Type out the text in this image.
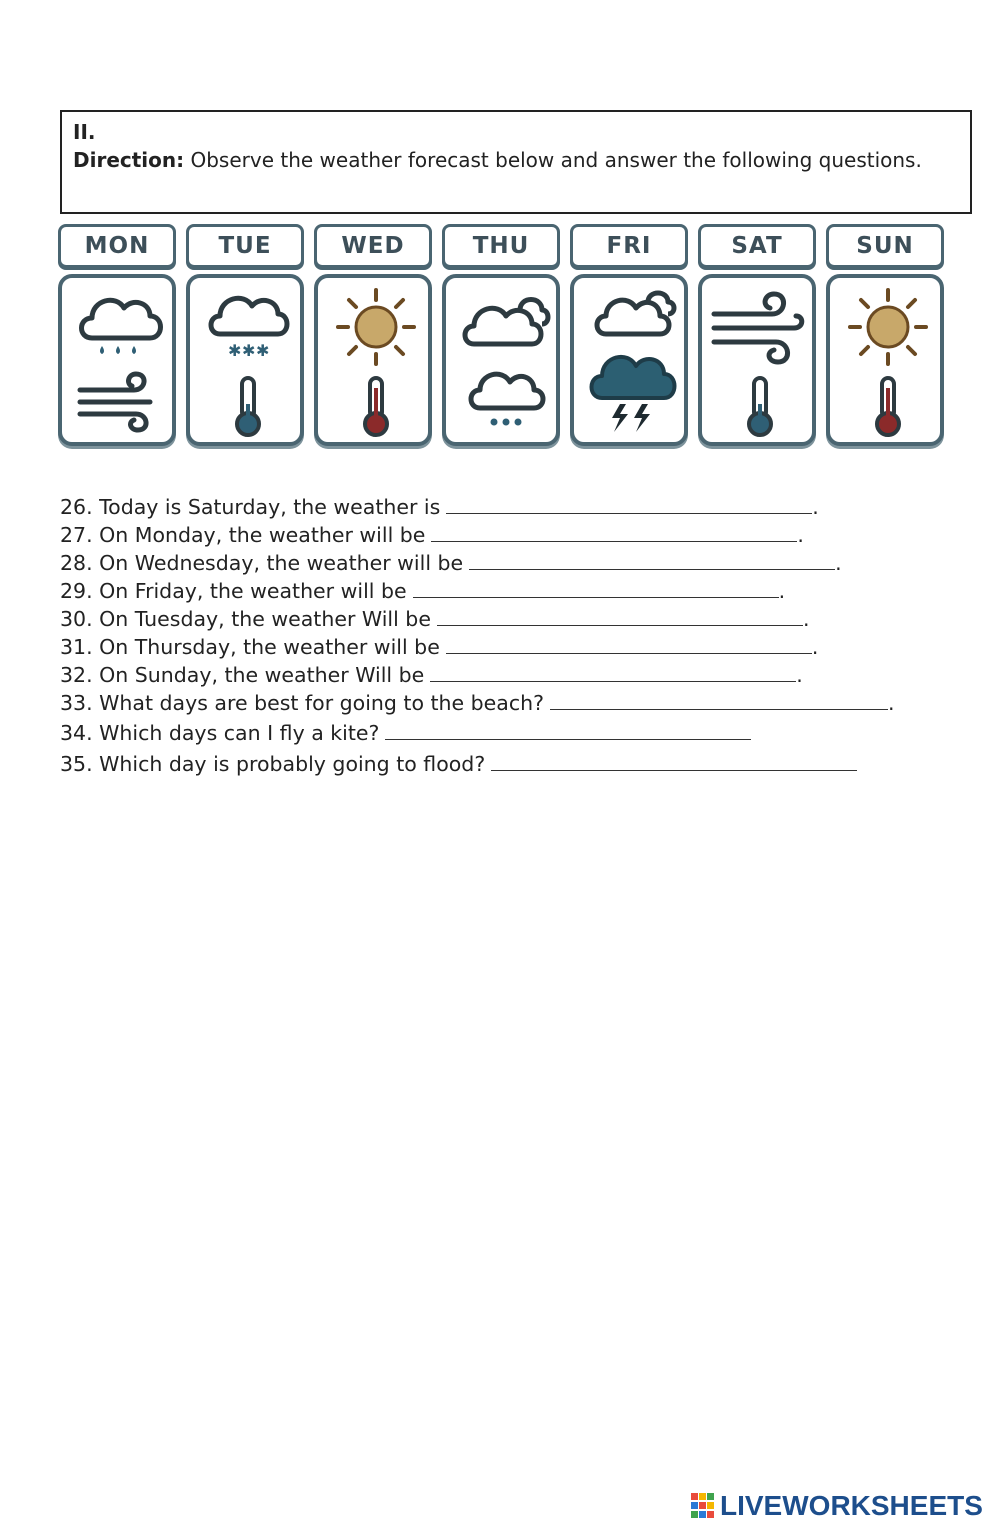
II.
Direction: Observe the weather forecast below and answer the following questions.
MON	TUE
✱ ✱ ✱
WED	THU	FRI	SAT	SUN
26. Today is Saturday, the weather is	.
27. On Monday, the weather will be	.
28. On Wednesday, the weather will be	.
29. On Friday, the weather will be	.
30. On Tuesday, the weather Will be	.
31. On Thursday, the weather will be	.
32. On Sunday, the weather Will be	.
33. What days are best for going to the beach?	.
34. Which days can I fly a kite?
35. Which day is probably going to flood?
LIVEWORKSHEETS
